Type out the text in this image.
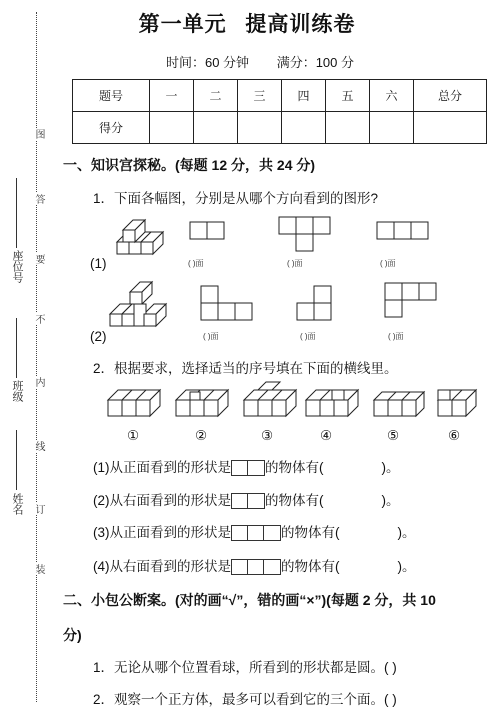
图
答
要
不
内
线
订
装
座位号
班级
姓名
第一单元 提高训练卷
时间：60 分钟 满分：100 分
题号	一	二	三	四	五	六	总分
得分							
一、知识宫探秘。(每题 12 分，共 24 分)
1．下面各幅图，分别是从哪个方向看到的图形?
(1)	( )面	( )面	( )面
(2)	( )面	( )面	( )面
2．根据要求，选择适当的序号填在下面的横线里。
①	②	③	④	⑤	⑥
(1)从正面看到的形状是	的物体有(	)。
(2)从右面看到的形状是	的物体有(	)。
(3)从正面看到的形状是	的物体有(	)。
(4)从右面看到的形状是	的物体有(	)。
二、小包公断案。(对的画“√”，错的画“×”)(每题 2 分，共 10
分)
1．无论从哪个位置看球，所看到的形状都是圆。( )
2．观察一个正方体，最多可以看到它的三个面。( )
